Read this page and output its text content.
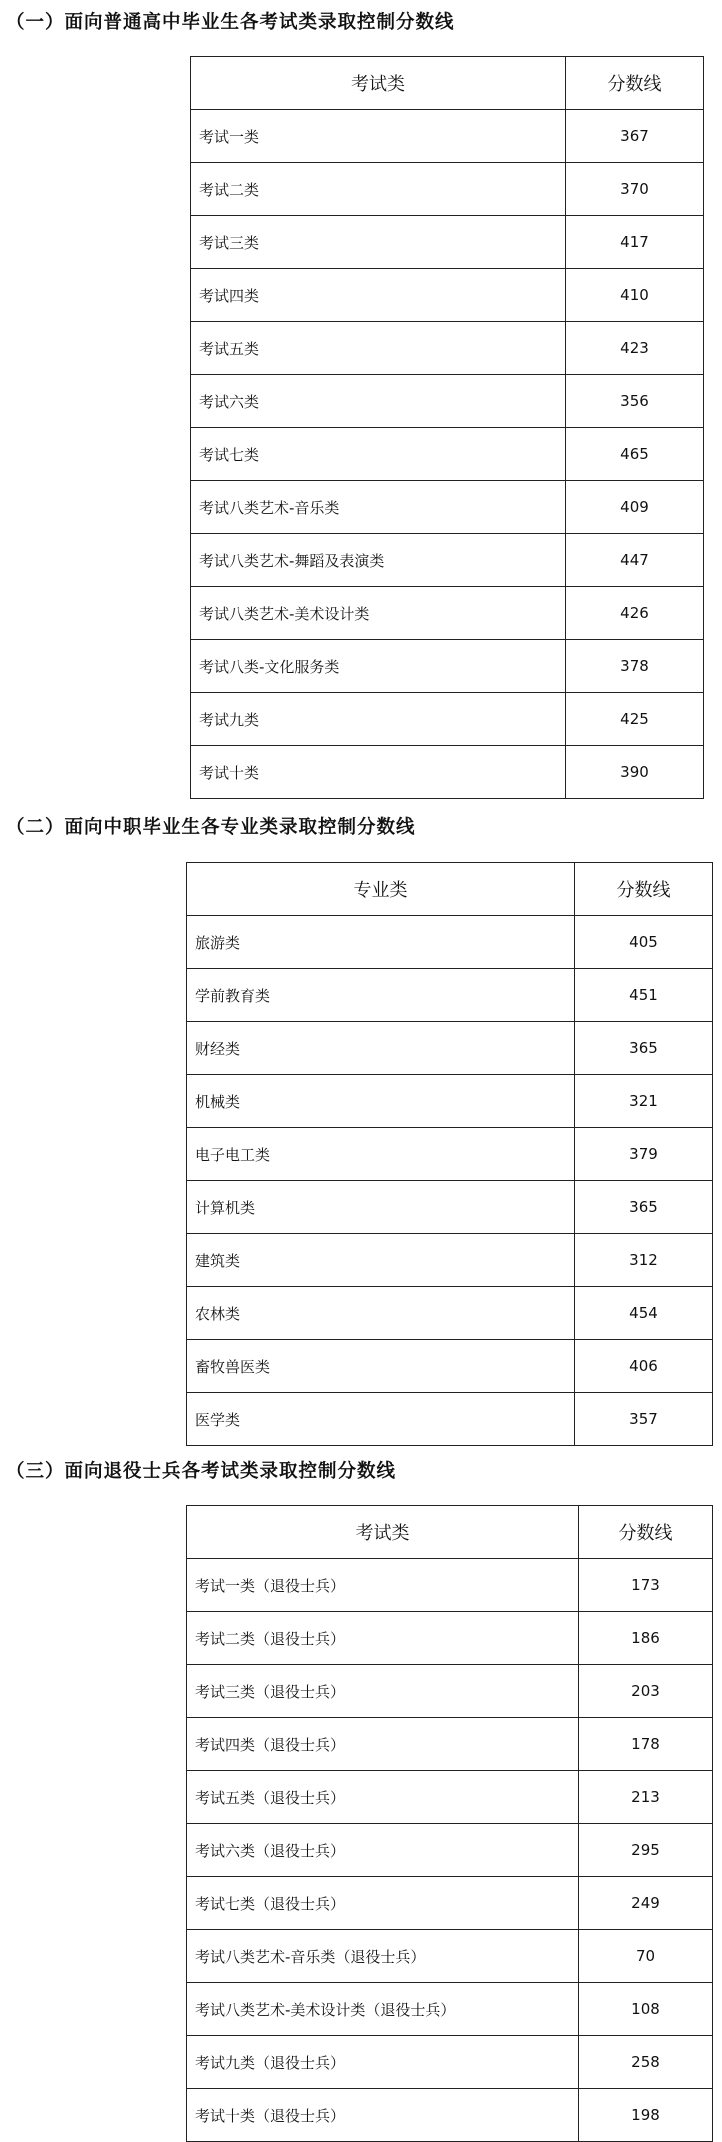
（一）面向普通高中毕业生各考试类录取控制分数线
考试类	分数线
考试一类	367
考试二类	370
考试三类	417
考试四类	410
考试五类	423
考试六类	356
考试七类	465
考试八类艺术-音乐类	409
考试八类艺术-舞蹈及表演类	447
考试八类艺术-美术设计类	426
考试八类-文化服务类	378
考试九类	425
考试十类	390
（二）面向中职毕业生各专业类录取控制分数线
专业类	分数线
旅游类	405
学前教育类	451
财经类	365
机械类	321
电子电工类	379
计算机类	365
建筑类	312
农林类	454
畜牧兽医类	406
医学类	357
（三）面向退役士兵各考试类录取控制分数线
考试类	分数线
考试一类（退役士兵）	173
考试二类（退役士兵）	186
考试三类（退役士兵）	203
考试四类（退役士兵）	178
考试五类（退役士兵）	213
考试六类（退役士兵）	295
考试七类（退役士兵）	249
考试八类艺术-音乐类（退役士兵）	70
考试八类艺术-美术设计类（退役士兵）	108
考试九类（退役士兵）	258
考试十类（退役士兵）	198
